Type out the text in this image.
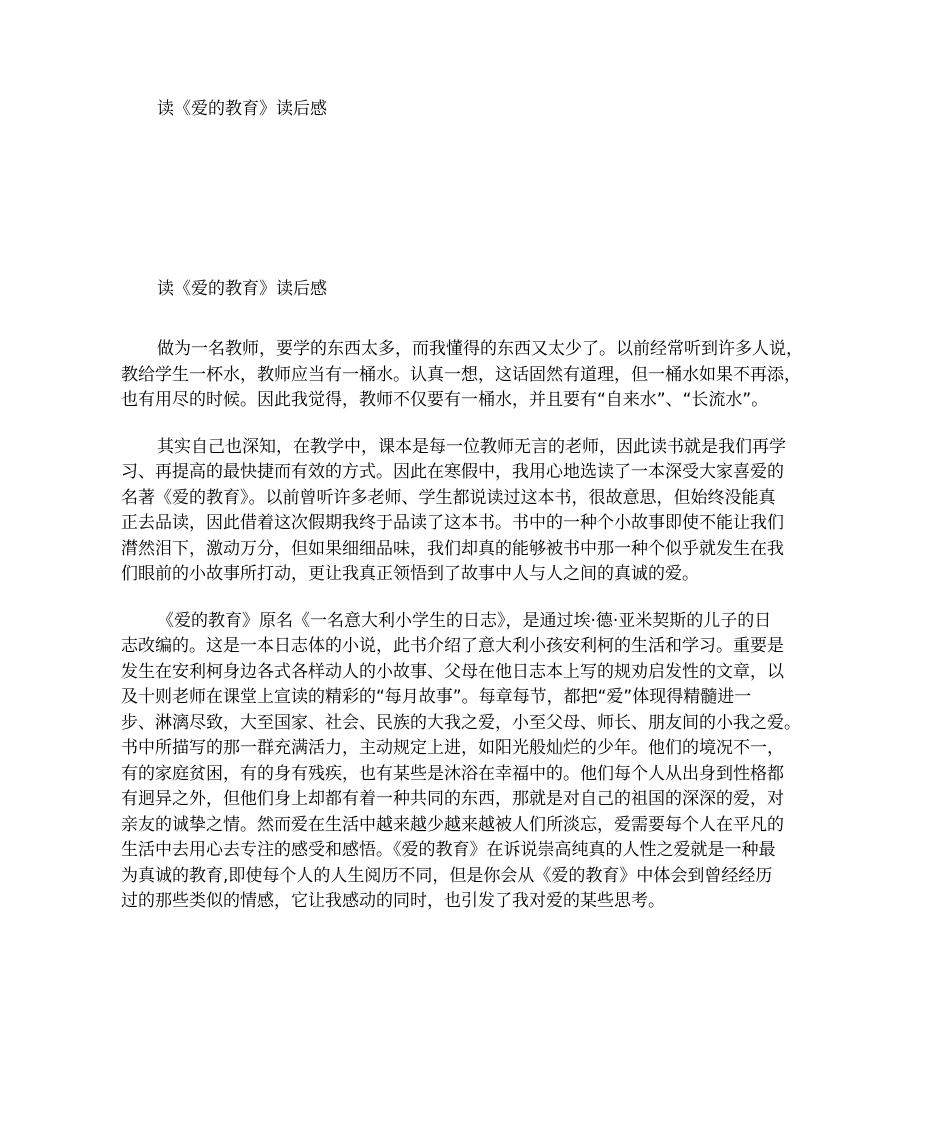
读《爱的教育》读后感
读《爱的教育》读后感

做为一名教师，要学的东西太多，而我懂得的东西又太少了。以前经常听到许多人说，
教给学生一杯水，教师应当有一桶水。认真一想，这话固然有道理，但一桶水如果不再添，
也有用尽的时候。因此我觉得，教师不仅要有一桶水，并且要有“自来水”、“长流水”。

其实自己也深知，在教学中，课本是每一位教师无言的老师，因此读书就是我们再学
习、再提高的最快捷而有效的方式。因此在寒假中，我用心地选读了一本深受大家喜爱的
名著《爱的教育》。以前曾听许多老师、学生都说读过这本书，很故意思，但始终没能真
正去品读，因此借着这次假期我终于品读了这本书。书中的一种个小故事即使不能让我们
潸然泪下，激动万分，但如果细细品味，我们却真的能够被书中那一种个似乎就发生在我
们眼前的小故事所打动，更让我真正领悟到了故事中人与人之间的真诚的爱。

《爱的教育》原名《一名意大利小学生的日志》，是通过埃·德·亚米契斯的儿子的日
志改编的。这是一本日志体的小说，此书介绍了意大利小孩安利柯的生活和学习。重要是
发生在安利柯身边各式各样动人的小故事、父母在他日志本上写的规劝启发性的文章，以
及十则老师在课堂上宣读的精彩的“每月故事”。每章每节，都把“爱”体现得精髓进一
步、淋漓尽致，大至国家、社会、民族的大我之爱，小至父母、师长、朋友间的小我之爱。
书中所描写的那一群充满活力，主动规定上进，如阳光般灿烂的少年。他们的境况不一，
有的家庭贫困，有的身有残疾，也有某些是沐浴在幸福中的。他们每个人从出身到性格都
有迥异之外，但他们身上却都有着一种共同的东西，那就是对自己的祖国的深深的爱，对
亲友的诚挚之情。然而爱在生活中越来越少越来越被人们所淡忘，爱需要每个人在平凡的
生活中去用心去专注的感受和感悟。《爱的教育》在诉说崇高纯真的人性之爱就是一种最
为真诚的教育,即使每个人的人生阅历不同，但是你会从《爱的教育》中体会到曾经经历
过的那些类似的情感，它让我感动的同时，也引发了我对爱的某些思考。
